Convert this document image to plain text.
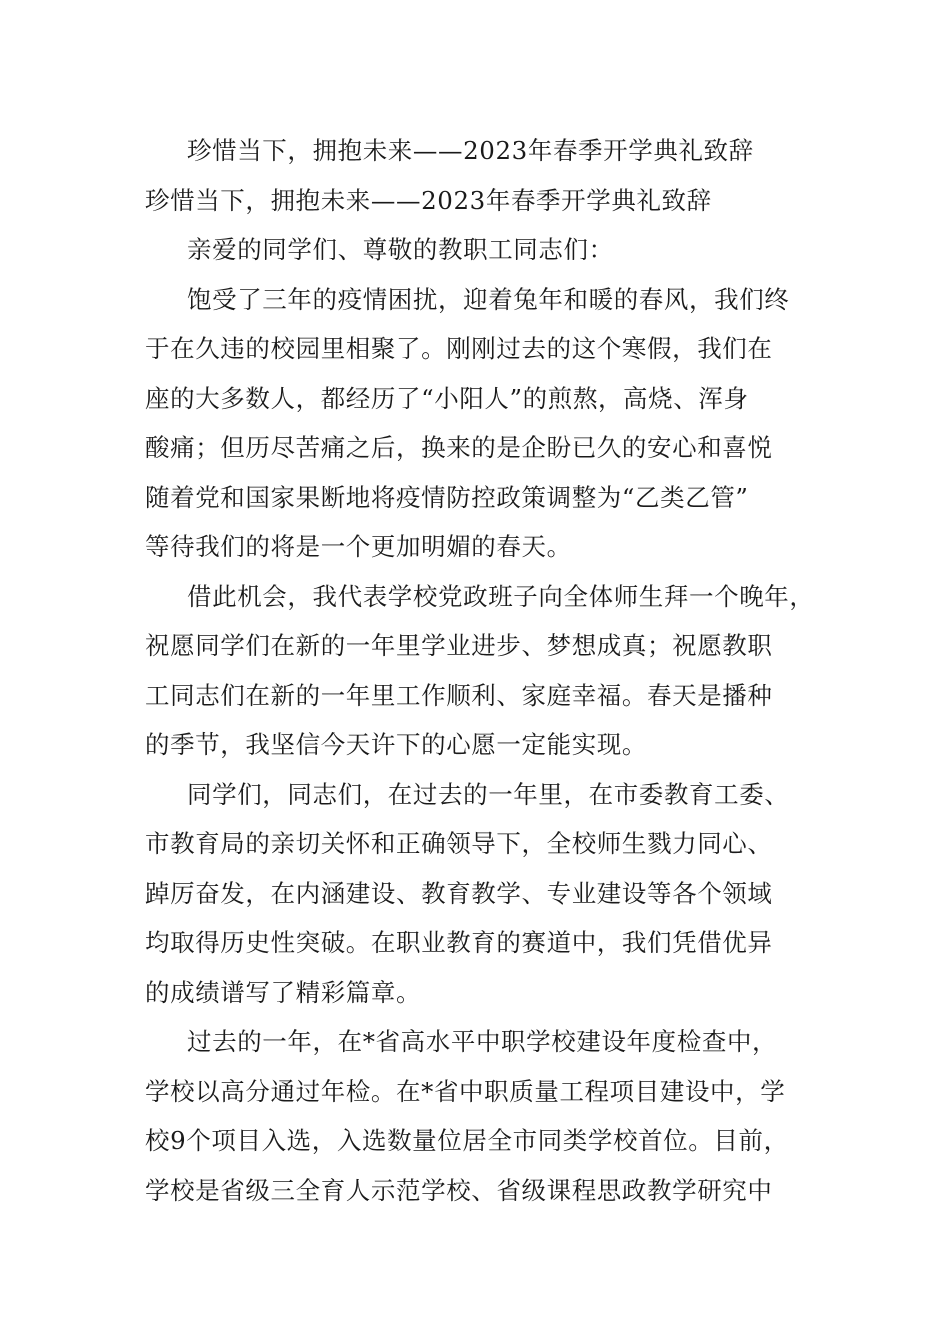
珍惜当下，拥抱未来——2023年春季开学典礼致辞
珍惜当下，拥抱未来——2023年春季开学典礼致辞
亲爱的同学们、尊敬的教职工同志们：
饱受了三年的疫情困扰，迎着兔年和暖的春风，我们终
于在久违的校园里相聚了。刚刚过去的这个寒假，我们在
座的大多数人，都经历了“小阳人”的煎熬，高烧、浑身
酸痛；但历尽苦痛之后，换来的是企盼已久的安心和喜悦
随着党和国家果断地将疫情防控政策调整为“乙类乙管”
等待我们的将是一个更加明媚的春天。
借此机会，我代表学校党政班子向全体师生拜一个晚年，
祝愿同学们在新的一年里学业进步、梦想成真；祝愿教职
工同志们在新的一年里工作顺利、家庭幸福。春天是播种
的季节，我坚信今天许下的心愿一定能实现。
同学们，同志们，在过去的一年里，在市委教育工委、
市教育局的亲切关怀和正确领导下，全校师生戮力同心、
踔厉奋发，在内涵建设、教育教学、专业建设等各个领域
均取得历史性突破。在职业教育的赛道中，我们凭借优异
的成绩谱写了精彩篇章。
过去的一年，在*省高水平中职学校建设年度检查中，
学校以高分通过年检。在*省中职质量工程项目建设中，学
校9个项目入选，入选数量位居全市同类学校首位。目前，
学校是省级三全育人示范学校、省级课程思政教学研究中
